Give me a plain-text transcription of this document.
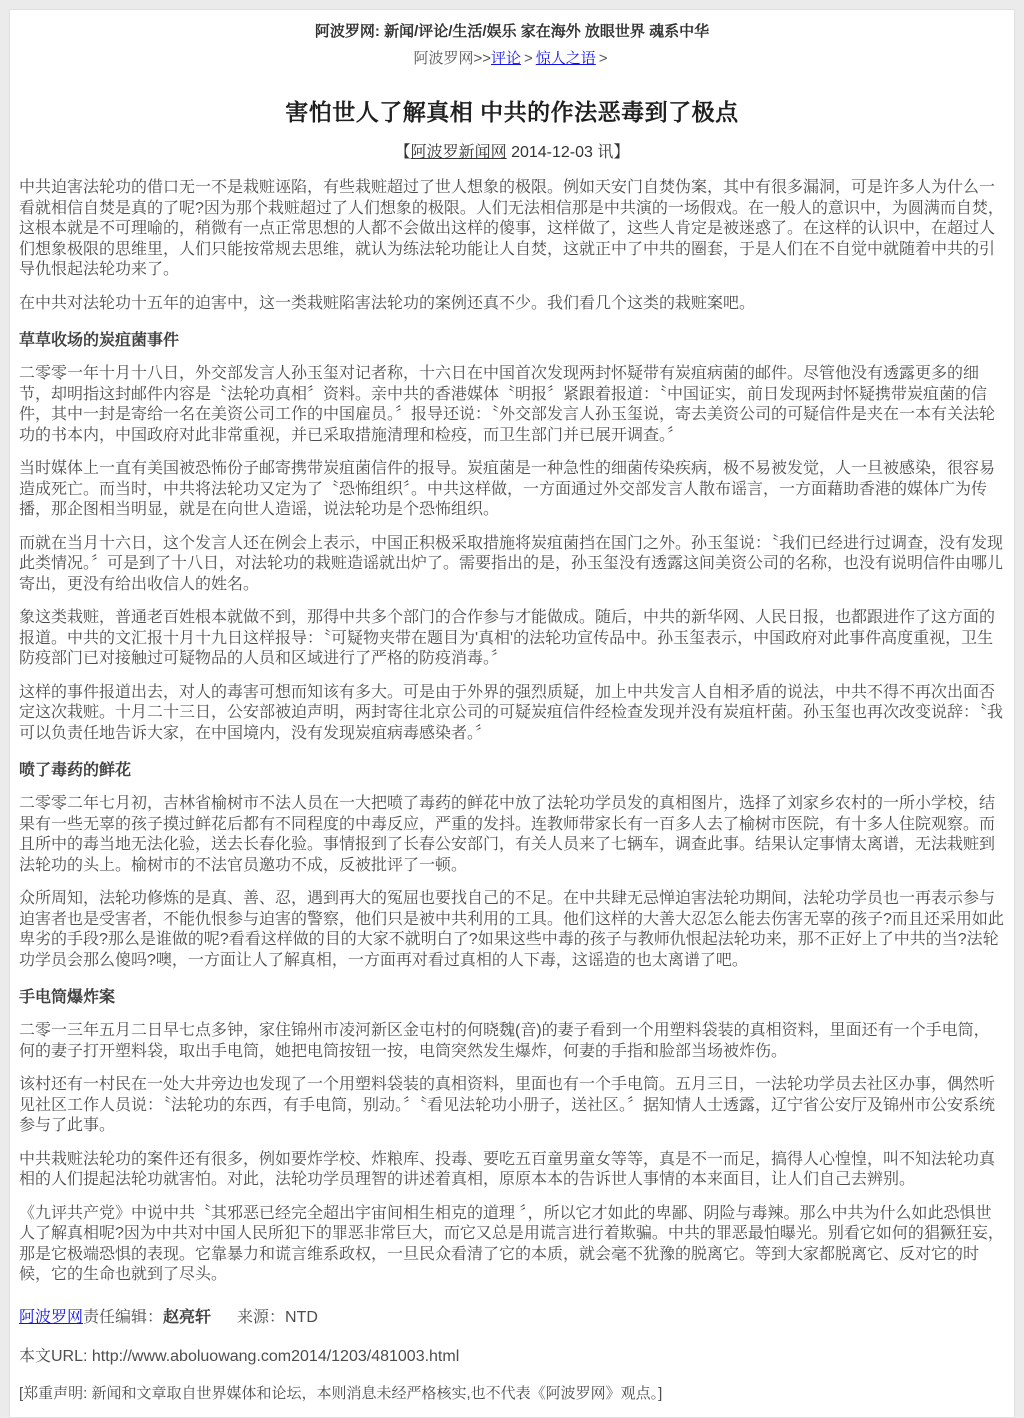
阿波罗网: 新闻/评论/生活/娱乐 家在海外 放眼世界 魂系中华
阿波罗网>>评论 > 惊人之语 >
害怕世人了解真相 中共的作法恶毒到了极点
【阿波罗新闻网 2014-12-03 讯】

中共迫害法轮功的借口无一不是栽赃诬陷，有些栽赃超过了世人想象的极限。例如天安门自焚伪案，其中有很多漏洞，可是许多人为什么一看就相信自焚是真的了呢?因为那个栽赃超过了人们想象的极限。人们无法相信那是中共演的一场假戏。在一般人的意识中，为圆满而自焚，这根本就是不可理喻的，稍微有一点正常思想的人都不会做出这样的傻事，这样做了，这些人肯定是被迷惑了。在这样的认识中，在超过人们想象极限的思维里，人们只能按常规去思维，就认为练法轮功能让人自焚，这就正中了中共的圈套，于是人们在不自觉中就随着中共的引导仇恨起法轮功来了。

在中共对法轮功十五年的迫害中，这一类栽赃陷害法轮功的案例还真不少。我们看几个这类的栽赃案吧。

草草收场的炭疽菌事件

二零零一年十月十八日，外交部发言人孙玉玺对记者称，十六日在中国首次发现两封怀疑带有炭疽病菌的邮件。尽管他没有透露更多的细节，却明指这封邮件内容是〝法轮功真相〞资料。亲中共的香港媒体〝明报〞紧跟着报道：〝中国证实，前日发现两封怀疑携带炭疽菌的信件，其中一封是寄给一名在美资公司工作的中国雇员。〞报导还说：〝外交部发言人孙玉玺说，寄去美资公司的可疑信件是夹在一本有关法轮功的书本内，中国政府对此非常重视，并已采取措施清理和检疫，而卫生部门并已展开调查。〞

当时媒体上一直有美国被恐怖份子邮寄携带炭疽菌信件的报导。炭疽菌是一种急性的细菌传染疾病，极不易被发觉，人一旦被感染，很容易造成死亡。而当时，中共将法轮功又定为了〝恐怖组织〞。中共这样做，一方面通过外交部发言人散布谣言，一方面藉助香港的媒体广为传播，那企图相当明显，就是在向世人造谣，说法轮功是个恐怖组织。

而就在当月十六日，这个发言人还在例会上表示，中国正积极采取措施将炭疽菌挡在国门之外。孙玉玺说：〝我们已经进行过调查，没有发现此类情况。〞可是到了十八日，对法轮功的栽赃造谣就出炉了。需要指出的是，孙玉玺没有透露这间美资公司的名称，也没有说明信件由哪儿寄出，更没有给出收信人的姓名。

象这类栽赃，普通老百姓根本就做不到，那得中共多个部门的合作参与才能做成。随后，中共的新华网、人民日报，也都跟进作了这方面的报道。中共的文汇报十月十九日这样报导：〝可疑物夹带在题目为'真相'的法轮功宣传品中。孙玉玺表示，中国政府对此事件高度重视，卫生防疫部门已对接触过可疑物品的人员和区域进行了严格的防疫消毒。〞

这样的事件报道出去，对人的毒害可想而知该有多大。可是由于外界的强烈质疑，加上中共发言人自相矛盾的说法，中共不得不再次出面否定这次栽赃。十月二十三日，公安部被迫声明，两封寄往北京公司的可疑炭疽信件经检查发现并没有炭疽杆菌。孙玉玺也再次改变说辞：〝我可以负责任地告诉大家，在中国境内，没有发现炭疽病毒感染者。〞

喷了毒药的鲜花

二零零二年七月初，吉林省榆树市不法人员在一大把喷了毒药的鲜花中放了法轮功学员发的真相图片，选择了刘家乡农村的一所小学校，结果有一些无辜的孩子摸过鲜花后都有不同程度的中毒反应，严重的发抖。连教师带家长有一百多人去了榆树市医院，有十多人住院观察。而且所中的毒当地无法化验，送去长春化验。事情报到了长春公安部门，有关人员来了七辆车，调查此事。结果认定事情太离谱，无法栽赃到法轮功的头上。榆树市的不法官员邀功不成，反被批评了一顿。

众所周知，法轮功修炼的是真、善、忍，遇到再大的冤屈也要找自己的不足。在中共肆无忌惮迫害法轮功期间，法轮功学员也一再表示参与迫害者也是受害者，不能仇恨参与迫害的警察，他们只是被中共利用的工具。他们这样的大善大忍怎么能去伤害无辜的孩子?而且还采用如此卑劣的手段?那么是谁做的呢?看看这样做的目的大家不就明白了?如果这些中毒的孩子与教师仇恨起法轮功来，那不正好上了中共的当?法轮功学员会那么傻吗?噢，一方面让人了解真相，一方面再对看过真相的人下毒，这谣造的也太离谱了吧。

手电筒爆炸案

二零一三年五月二日早七点多钟，家住锦州市凌河新区金屯村的何晓魏(音)的妻子看到一个用塑料袋装的真相资料，里面还有一个手电筒，何的妻子打开塑料袋，取出手电筒，她把电筒按钮一按，电筒突然发生爆炸，何妻的手指和脸部当场被炸伤。

该村还有一村民在一处大井旁边也发现了一个用塑料袋装的真相资料，里面也有一个手电筒。五月三日，一法轮功学员去社区办事，偶然听见社区工作人员说：〝法轮功的东西，有手电筒，别动。〞〝看见法轮功小册子，送社区。〞据知情人士透露，辽宁省公安厅及锦州市公安系统参与了此事。

中共栽赃法轮功的案件还有很多，例如要炸学校、炸粮库、投毒、要吃五百童男童女等等，真是不一而足，搞得人心惶惶，叫不知法轮功真相的人们提起法轮功就害怕。对此，法轮功学员理智的讲述着真相，原原本本的告诉世人事情的本来面目，让人们自己去辨别。

《九评共产党》中说中共〝其邪恶已经完全超出宇宙间相生相克的道理 〞，所以它才如此的卑鄙、阴险与毒辣。那么中共为什么如此恐惧世人了解真相呢?因为中共对中国人民所犯下的罪恶非常巨大，而它又总是用谎言进行着欺骗。中共的罪恶最怕曝光。别看它如何的猖獗狂妄，那是它极端恐惧的表现。它靠暴力和谎言维系政权，一旦民众看清了它的本质，就会毫不犹豫的脱离它。等到大家都脱离它、反对它的时候，它的生命也就到了尽头。

阿波罗网责任编辑：赵亮轩 来源：NTD
本文URL: http://www.aboluowang.com2014/1203/481003.html
[郑重声明: 新闻和文章取自世界媒体和论坛，本则消息未经严格核实,也不代表《阿波罗网》观点。]
